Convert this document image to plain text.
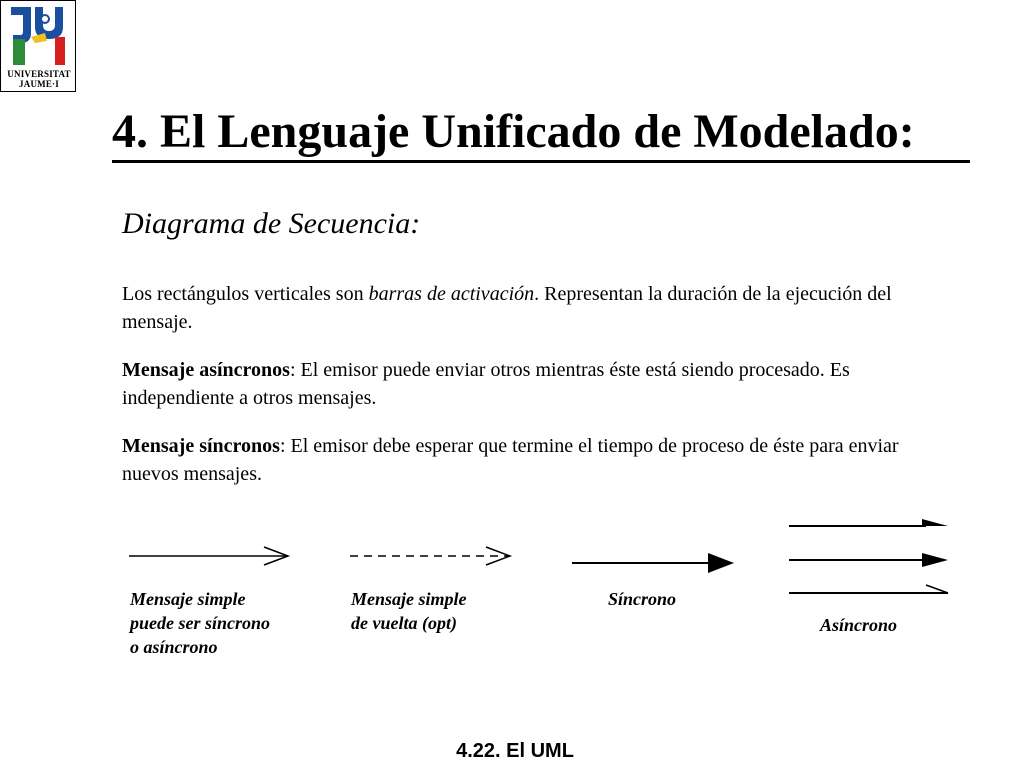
UNIVERSITAT
JAUME·I
4. El Lenguaje Unificado de Modelado:
Diagrama de Secuencia:
Los rectángulos verticales son barras de activación. Representan la duración de la ejecución del mensaje.
Mensaje asíncronos: El emisor puede enviar otros mientras éste está siendo procesado. Es independiente a otros mensajes.
Mensaje síncronos: El emisor debe esperar que termine el tiempo de proceso de éste para enviar nuevos mensajes.
Mensaje simple
puede ser síncrono
o asíncrono
Mensaje simple
de vuelta (opt)
Síncrono
Asíncrono
4.22. El UML
